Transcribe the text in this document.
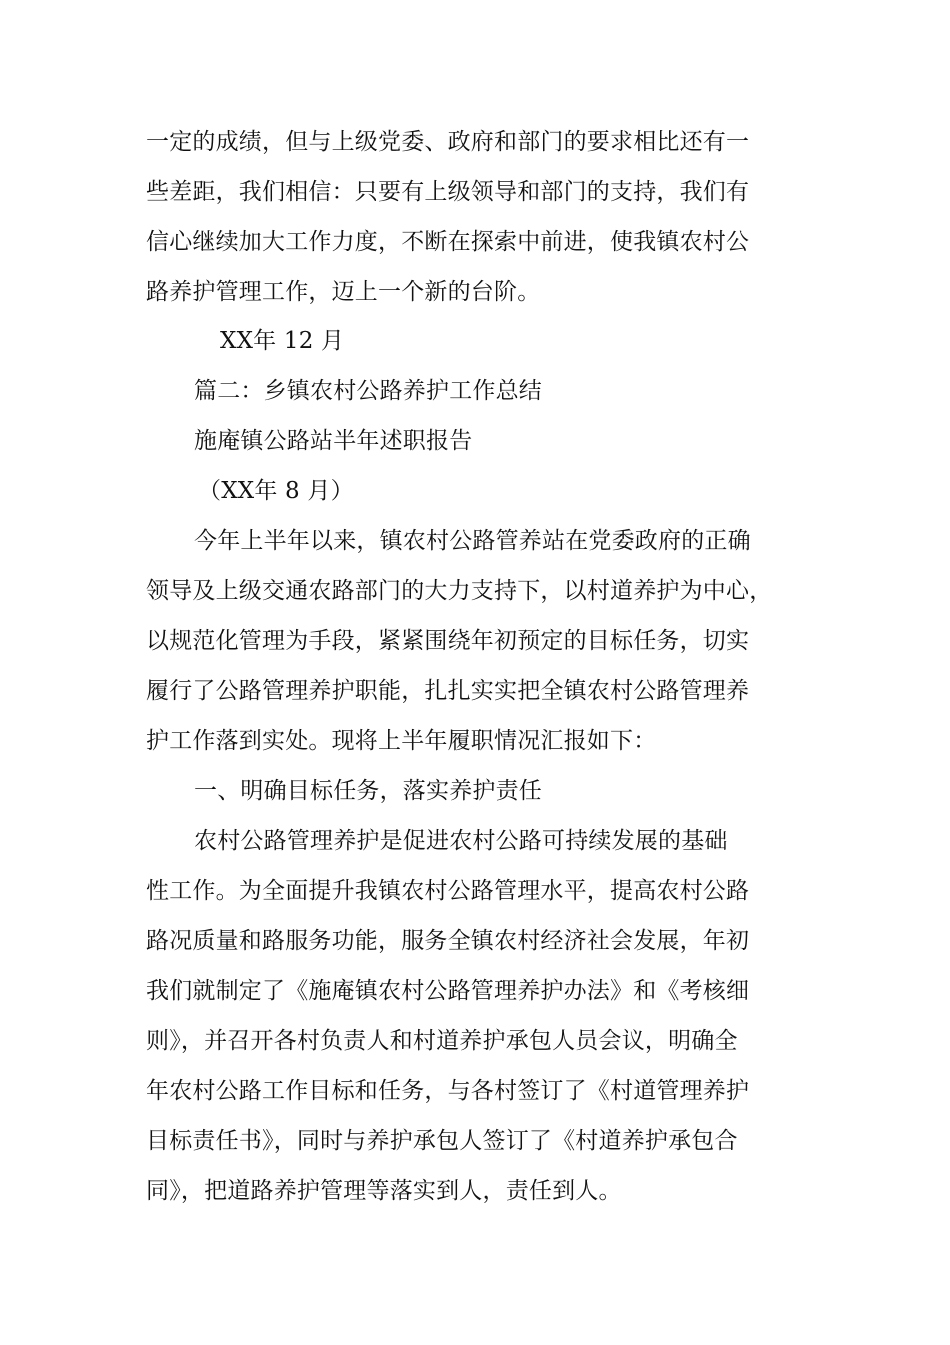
一定的成绩，但与上级党委、政府和部门的要求相比还有一
些差距，我们相信：只要有上级领导和部门的支持，我们有
信心继续加大工作力度，不断在探索中前进，使我镇农村公
路养护管理工作，迈上一个新的台阶。
XX年 12 月
篇二：乡镇农村公路养护工作总结
施庵镇公路站半年述职报告
（XX年 8 月）
今年上半年以来，镇农村公路管养站在党委政府的正确
领导及上级交通农路部门的大力支持下，以村道养护为中心，
以规范化管理为手段，紧紧围绕年初预定的目标任务，切实
履行了公路管理养护职能，扎扎实实把全镇农村公路管理养
护工作落到实处。现将上半年履职情况汇报如下：
一、明确目标任务，落实养护责任
农村公路管理养护是促进农村公路可持续发展的基础
性工作。为全面提升我镇农村公路管理水平，提高农村公路
路况质量和路服务功能，服务全镇农村经济社会发展，年初
我们就制定了《施庵镇农村公路管理养护办法》和《考核细
则》，并召开各村负责人和村道养护承包人员会议，明确全
年农村公路工作目标和任务，与各村签订了《村道管理养护
目标责任书》，同时与养护承包人签订了《村道养护承包合
同》，把道路养护管理等落实到人，责任到人。
